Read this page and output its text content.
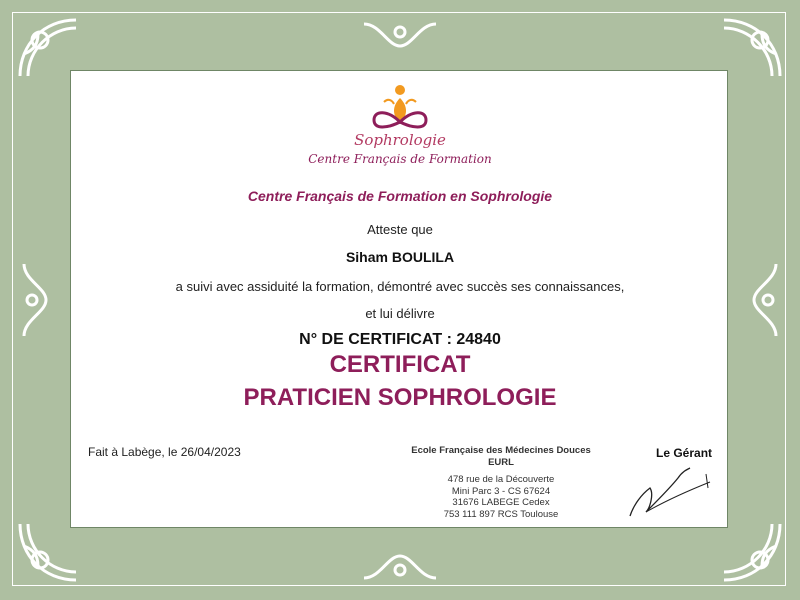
Sophrologie
Centre Français de Formation
Centre Français de Formation en Sophrologie
Atteste que
Siham BOULILA
a suivi avec assiduité la formation, démontré avec succès ses connaissances,
et lui délivre
N° DE CERTIFICAT : 24840
CERTIFICAT
PRATICIEN SOPHROLOGIE
Fait à Labège, le 26/04/2023	Ecole Française des Médecines Douces
EURL
478 rue de la Découverte
Mini Parc 3 - CS 67624
31676 LABEGE Cedex
753 111 897 RCS Toulouse
Le Gérant
